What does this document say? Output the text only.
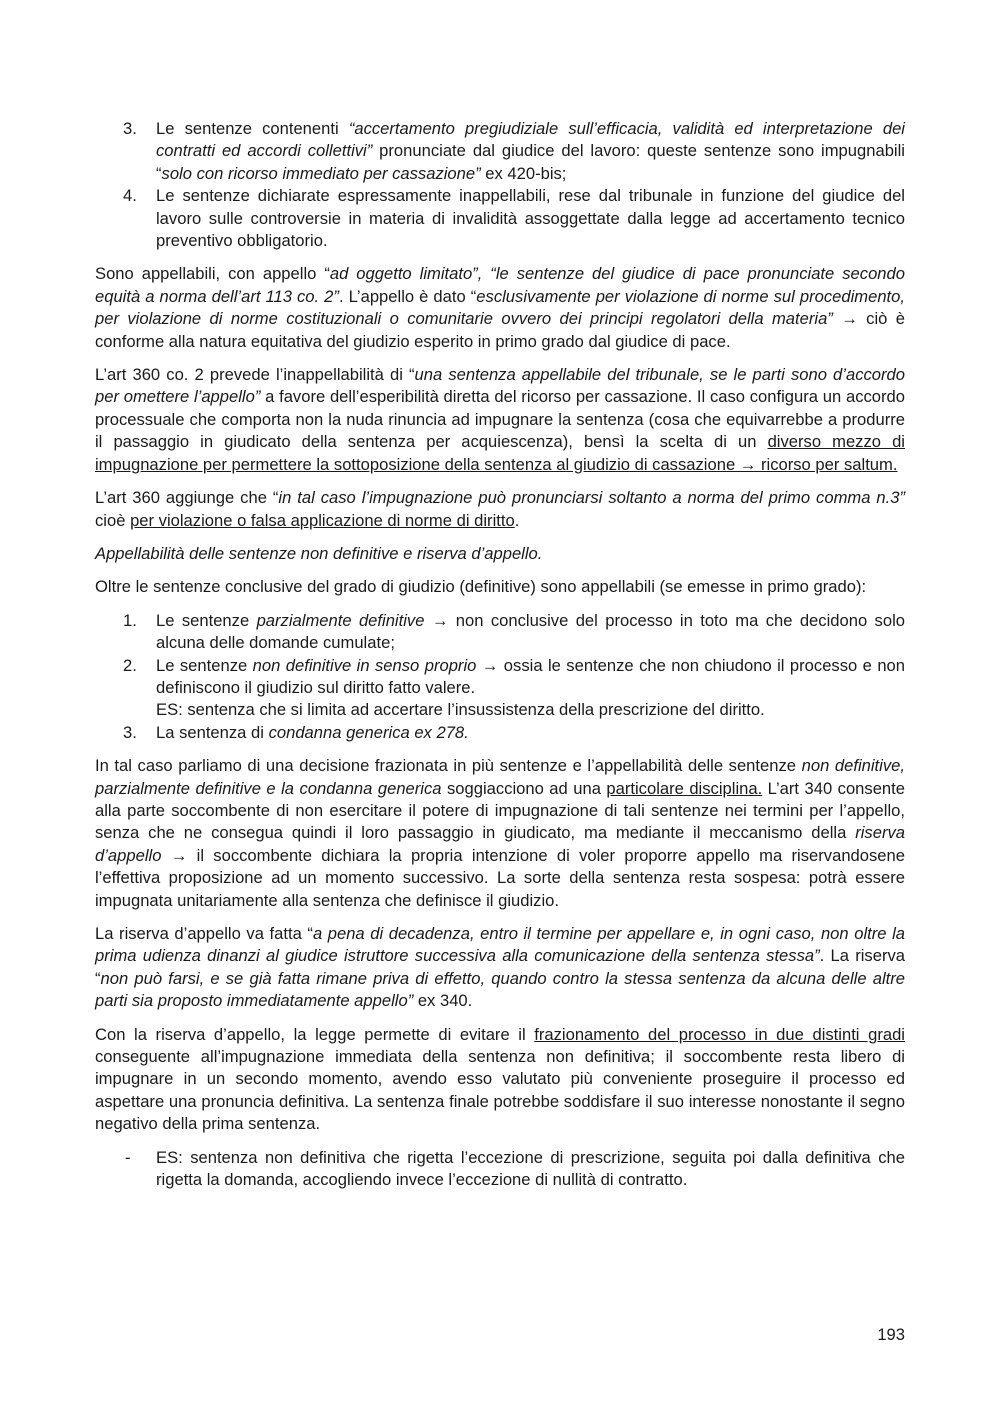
3. Le sentenze contenenti “accertamento pregiudiziale sull’efficacia, validità ed interpretazione dei contratti ed accordi collettivi” pronunciate dal giudice del lavoro: queste sentenze sono impugnabili “solo con ricorso immediato per cassazione” ex 420-bis;
4. Le sentenze dichiarate espressamente inappellabili, rese dal tribunale in funzione del giudice del lavoro sulle controversie in materia di invalidità assoggettate dalla legge ad accertamento tecnico preventivo obbligatorio.

Sono appellabili, con appello “ad oggetto limitato”, “le sentenze del giudice di pace pronunciate secondo equità a norma dell’art 113 co. 2”. L’appello è dato “esclusivamente per violazione di norme sul procedimento, per violazione di norme costituzionali o comunitarie ovvero dei principi regolatori della materia” → ciò è conforme alla natura equitativa del giudizio esperito in primo grado dal giudice di pace.

L’art 360 co. 2 prevede l’inappellabilità di “una sentenza appellabile del tribunale, se le parti sono d’accordo per omettere l’appello” a favore dell’esperibilità diretta del ricorso per cassazione. Il caso configura un accordo processuale che comporta non la nuda rinuncia ad impugnare la sentenza (cosa che equivarrebbe a produrre il passaggio in giudicato della sentenza per acquiescenza), bensì la scelta di un diverso mezzo di impugnazione per permettere la sottoposizione della sentenza al giudizio di cassazione → ricorso per saltum.

L’art 360 aggiunge che “in tal caso l’impugnazione può pronunciarsi soltanto a norma del primo comma n.3” cioè per violazione o falsa applicazione di norme di diritto.

Appellabilità delle sentenze non definitive e riserva d’appello.

Oltre le sentenze conclusive del grado di giudizio (definitive) sono appellabili (se emesse in primo grado):

1. Le sentenze parzialmente definitive → non conclusive del processo in toto ma che decidono solo alcuna delle domande cumulate;
2. Le sentenze non definitive in senso proprio → ossia le sentenze che non chiudono il processo e non definiscono il giudizio sul diritto fatto valere.
ES: sentenza che si limita ad accertare l’insussistenza della prescrizione del diritto.
3. La sentenza di condanna generica ex 278.

In tal caso parliamo di una decisione frazionata in più sentenze e l’appellabilità delle sentenze non definitive, parzialmente definitive e la condanna generica soggiacciono ad una particolare disciplina. L’art 340 consente alla parte soccombente di non esercitare il potere di impugnazione di tali sentenze nei termini per l’appello, senza che ne consegua quindi il loro passaggio in giudicato, ma mediante il meccanismo della riserva d’appello → il soccombente dichiara la propria intenzione di voler proporre appello ma riservandosene l’effettiva proposizione ad un momento successivo. La sorte della sentenza resta sospesa: potrà essere impugnata unitariamente alla sentenza che definisce il giudizio.

La riserva d’appello va fatta “a pena di decadenza, entro il termine per appellare e, in ogni caso, non oltre la prima udienza dinanzi al giudice istruttore successiva alla comunicazione della sentenza stessa”. La riserva “non può farsi, e se già fatta rimane priva di effetto, quando contro la stessa sentenza da alcuna delle altre parti sia proposto immediatamente appello” ex 340.

Con la riserva d’appello, la legge permette di evitare il frazionamento del processo in due distinti gradi conseguente all’impugnazione immediata della sentenza non definitiva; il soccombente resta libero di impugnare in un secondo momento, avendo esso valutato più conveniente proseguire il processo ed aspettare una pronuncia definitiva. La sentenza finale potrebbe soddisfare il suo interesse nonostante il segno negativo della prima sentenza.

- ES: sentenza non definitiva che rigetta l’eccezione di prescrizione, seguita poi dalla definitiva che rigetta la domanda, accogliendo invece l’eccezione di nullità di contratto.
193
